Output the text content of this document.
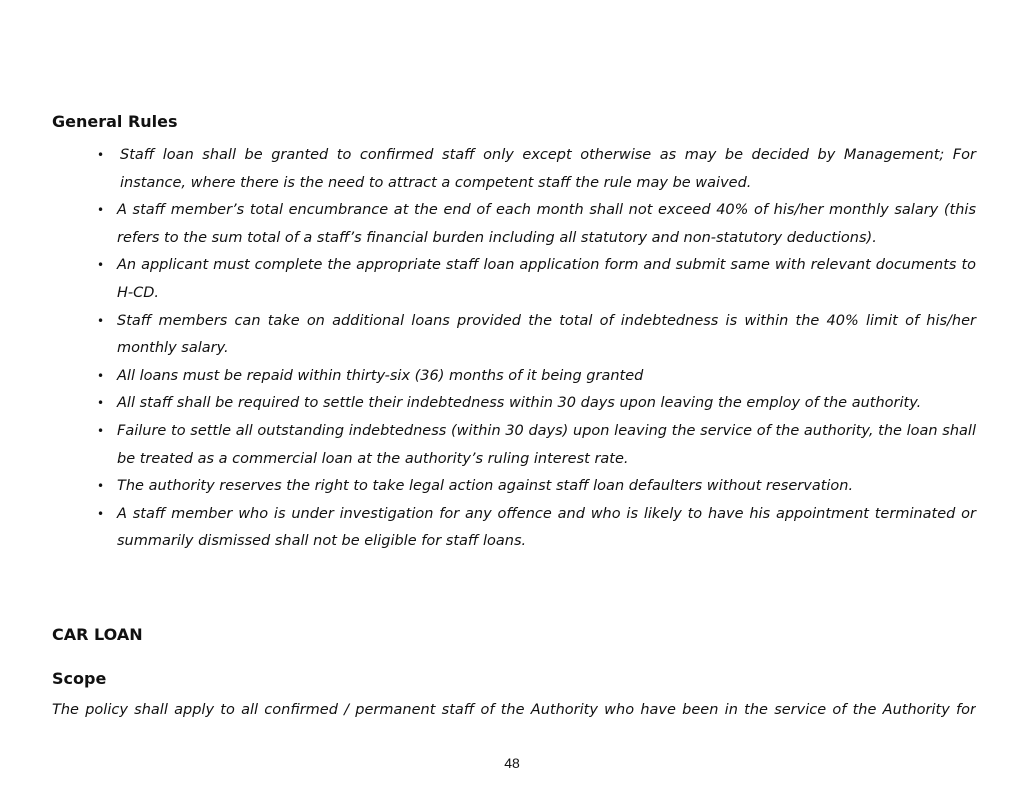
General Rules
• Staff loan shall be granted to confirmed staff only except otherwise as may be decided by Management; For instance, where there is the need to attract a competent staff the rule may be waived.
• A staff member’s total encumbrance at the end of each month shall not exceed 40% of his/her monthly salary (this refers to the sum total of a staff’s financial burden including all statutory and non-statutory deductions).
• An applicant must complete the appropriate staff loan application form and submit same with relevant documents to H-CD.
• Staff members can take on additional loans provided the total of indebtedness is within the 40% limit of his/her monthly salary.
• All loans must be repaid within thirty-six (36) months of it being granted
• All staff shall be required to settle their indebtedness within 30 days upon leaving the employ of the authority.
• Failure to settle all outstanding indebtedness (within 30 days) upon leaving the service of the authority, the loan shall be treated as a commercial loan at the authority’s ruling interest rate.
• The authority reserves the right to take legal action against staff loan defaulters without reservation.
• A staff member who is under investigation for any offence and who is likely to have his appointment terminated or summarily dismissed shall not be eligible for staff loans.
CAR LOAN
Scope

The policy shall apply to all confirmed / permanent staff of the Authority who have been in the service of the Authority for

48
